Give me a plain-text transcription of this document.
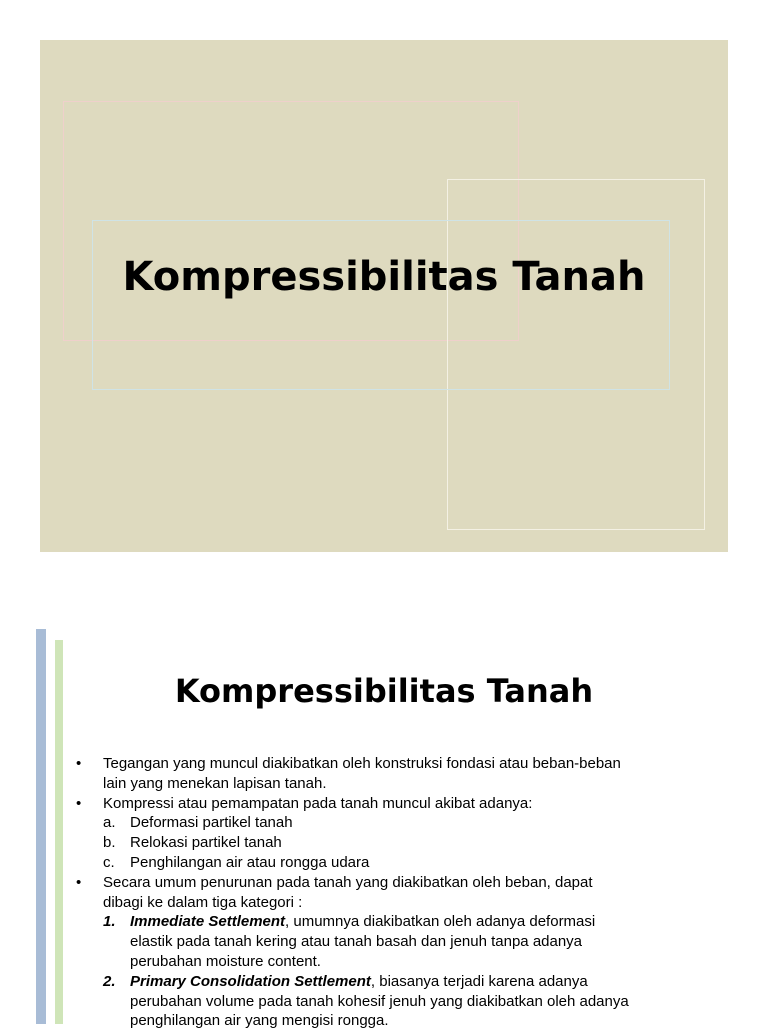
Kompressibilitas Tanah
Kompressibilitas Tanah
• Tegangan yang muncul diakibatkan oleh konstruksi fondasi atau beban-beban
lain yang menekan lapisan tanah.
• Kompressi atau pemampatan pada tanah muncul akibat adanya:
a. Deformasi partikel tanah
b. Relokasi partikel tanah
c. Penghilangan air atau rongga udara
• Secara umum penurunan pada tanah yang diakibatkan oleh beban, dapat
dibagi ke dalam tiga kategori :
1. Immediate Settlement, umumnya diakibatkan oleh adanya deformasi
elastik pada tanah kering atau tanah basah dan jenuh tanpa adanya
perubahan moisture content.
2. Primary Consolidation Settlement, biasanya terjadi karena adanya
perubahan volume pada tanah kohesif jenuh yang diakibatkan oleh adanya
penghilangan air yang mengisi rongga.
